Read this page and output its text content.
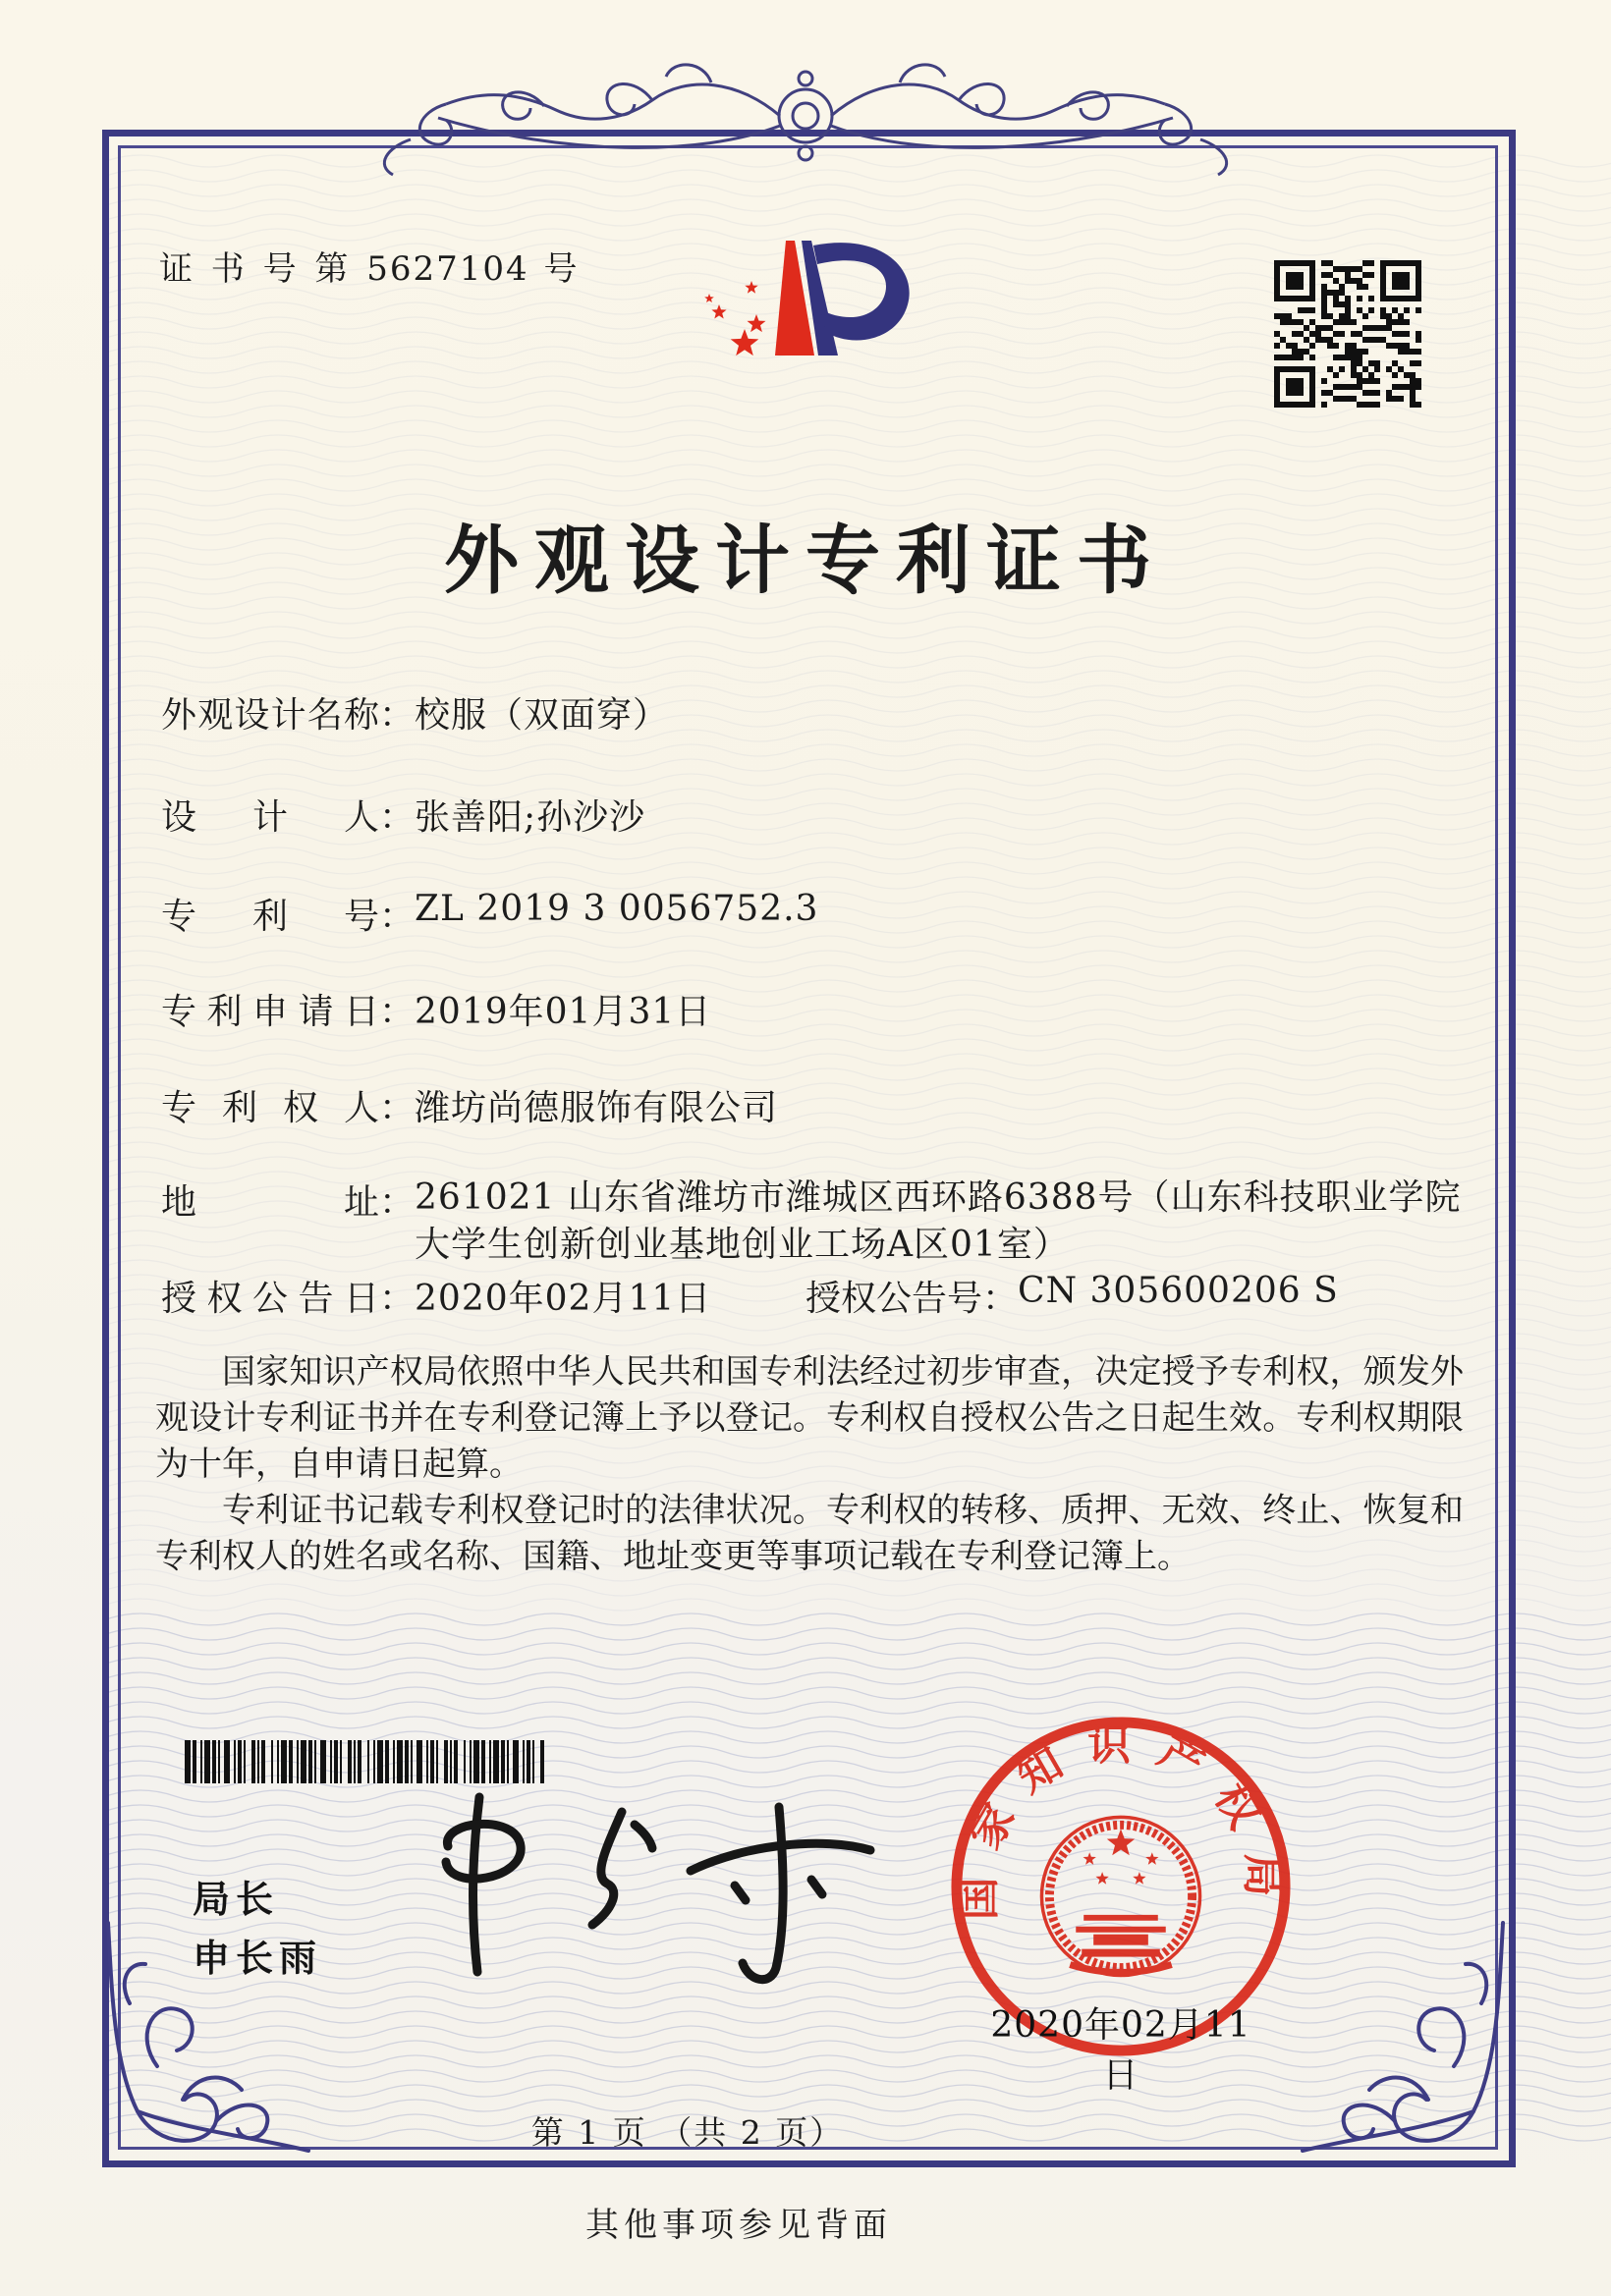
证 书 号 第 5627104 号
外观设计专利证书
外观设计名称：校服（双面穿）
设计人：张善阳;孙沙沙
专利号：ZL 2019 3 0056752.3
专利申请日：2019年01月31日
专利权人：潍坊尚德服饰有限公司
地址：261021 山东省潍坊市潍城区西环路6388号（山东科技职业学院大学生创新创业基地创业工场A区01室）
授权公告日：2020年02月11日	授权公告号：CN 305600206 S

国家知识产权局依照中华人民共和国专利法经过初步审查，决定授予专利权，颁发外观设计专利证书并在专利登记簿上予以登记。专利权自授权公告之日起生效。专利权期限为十年，自申请日起算。

专利证书记载专利权登记时的法律状况。专利权的转移、质押、无效、终止、恢复和专利权人的姓名或名称、国籍、地址变更等事项记载在专利登记簿上。

局长
申长雨
国家知识产权局
2020年02月11日
第 1 页 （共 2 页）
其他事项参见背面
